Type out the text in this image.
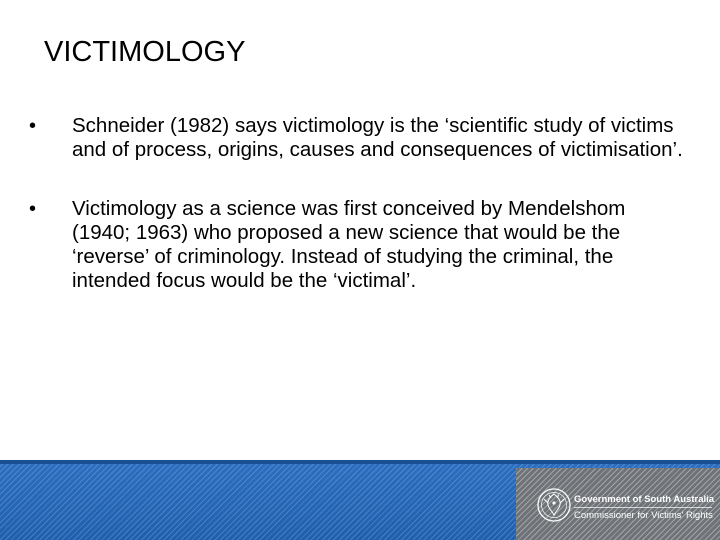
VICTIMOLOGY
• Schneider (1982) says victimology is the ‘scientific study of victims and of process, origins, causes and consequences of victimisation’.
• Victimology as a science was first conceived by Mendelshom (1940; 1963) who proposed a new science that would be the ‘reverse’ of criminology. Instead of studying the criminal, the intended focus would be the ‘victimal’.
Government of South Australia
Commissioner for Victims' Rights
